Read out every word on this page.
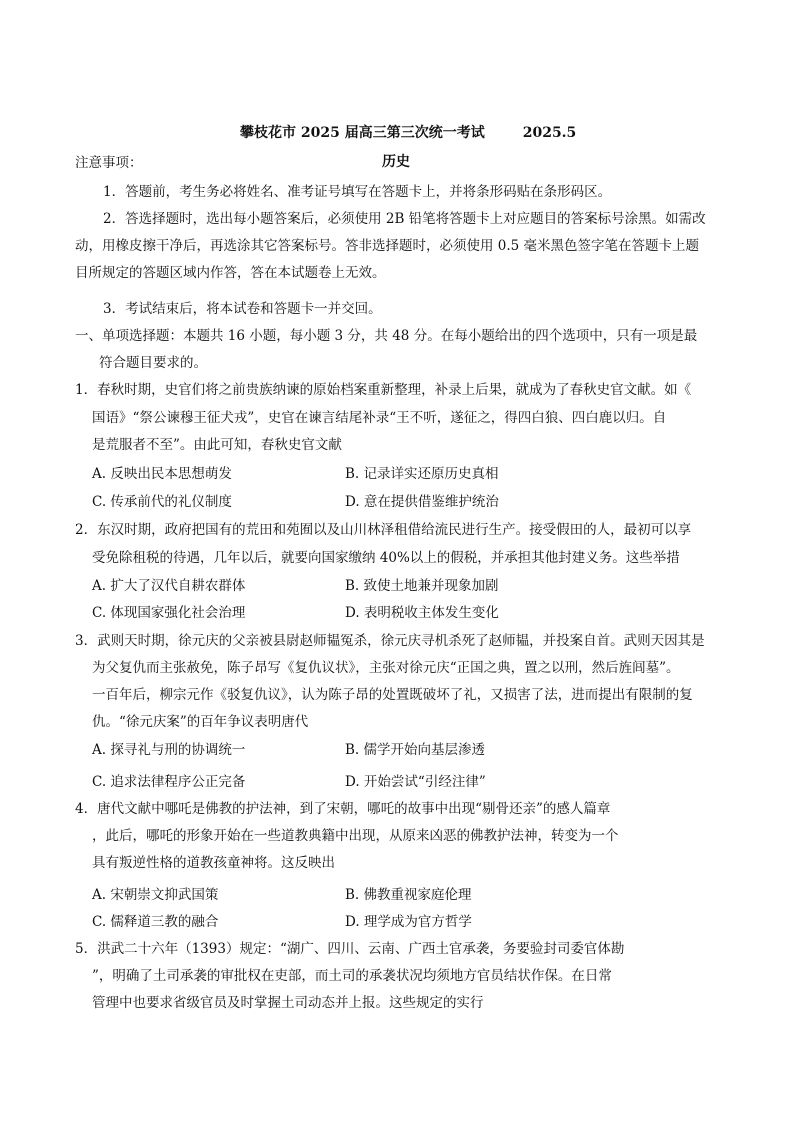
攀枝花市 2025 届高三第三次统一考试	2025.5
历史
注意事项：
1．答题前，考生务必将姓名、准考证号填写在答题卡上，并将条形码贴在条形码区。
2．答选择题时，选出每小题答案后，必须使用 2B 铅笔将答题卡上对应题目的答案标号涂黑。如需改
动，用橡皮擦干净后，再选涂其它答案标号。答非选择题时，必须使用 0.5 毫米黑色签字笔在答题卡上题
目所规定的答题区域内作答，答在本试题卷上无效。
3．考试结束后，将本试卷和答题卡一并交回。
一、单项选择题：本题共 16 小题，每小题 3 分，共 48 分。在每小题给出的四个选项中，只有一项是最
符合题目要求的。
1．春秋时期，史官们将之前贵族纳谏的原始档案重新整理，补录上后果，就成为了春秋史官文献。如《
国语》“祭公谏穆王征犬戎”，史官在谏言结尾补录“王不听，遂征之，得四白狼、四白鹿以归。自
是荒服者不至”。由此可知，春秋史官文献
A. 反映出民本思想萌发	B. 记录详实还原历史真相
C. 传承前代的礼仪制度	D. 意在提供借鉴维护统治
2．东汉时期，政府把国有的荒田和苑囿以及山川林泽租借给流民进行生产。接受假田的人，最初可以享
受免除租税的待遇，几年以后，就要向国家缴纳 40%以上的假税，并承担其他封建义务。这些举措
A. 扩大了汉代自耕农群体	B. 致使土地兼并现象加剧
C. 体现国家强化社会治理	D. 表明税收主体发生变化
3．武则天时期，徐元庆的父亲被县尉赵师韫冤杀，徐元庆寻机杀死了赵师韫，并投案自首。武则天因其是
为父复仇而主张赦免，陈子昂写《复仇议状》，主张对徐元庆“正国之典，置之以刑，然后旌闾墓”。
一百年后，柳宗元作《驳复仇议》，认为陈子昂的处置既破坏了礼，又损害了法，进而提出有限制的复
仇。“徐元庆案”的百年争议表明唐代
A. 探寻礼与刑的协调统一	B. 儒学开始向基层渗透
C. 追求法律程序公正完备	D. 开始尝试“引经注律”
4．唐代文献中哪吒是佛教的护法神，到了宋朝，哪吒的故事中出现“剔骨还亲”的感人篇章
，此后，哪吒的形象开始在一些道教典籍中出现，从原来凶恶的佛教护法神，转变为一个
具有叛逆性格的道教孩童神将。这反映出
A. 宋朝崇文抑武国策	B. 佛教重视家庭伦理
C. 儒释道三教的融合	D. 理学成为官方哲学
5．洪武二十六年（1393）规定：“湖广、四川、云南、广西土官承袭，务要验封司委官体勘
”，明确了土司承袭的审批权在吏部，而土司的承袭状况均须地方官员结状作保。在日常
管理中也要求省级官员及时掌握土司动态并上报。这些规定的实行
